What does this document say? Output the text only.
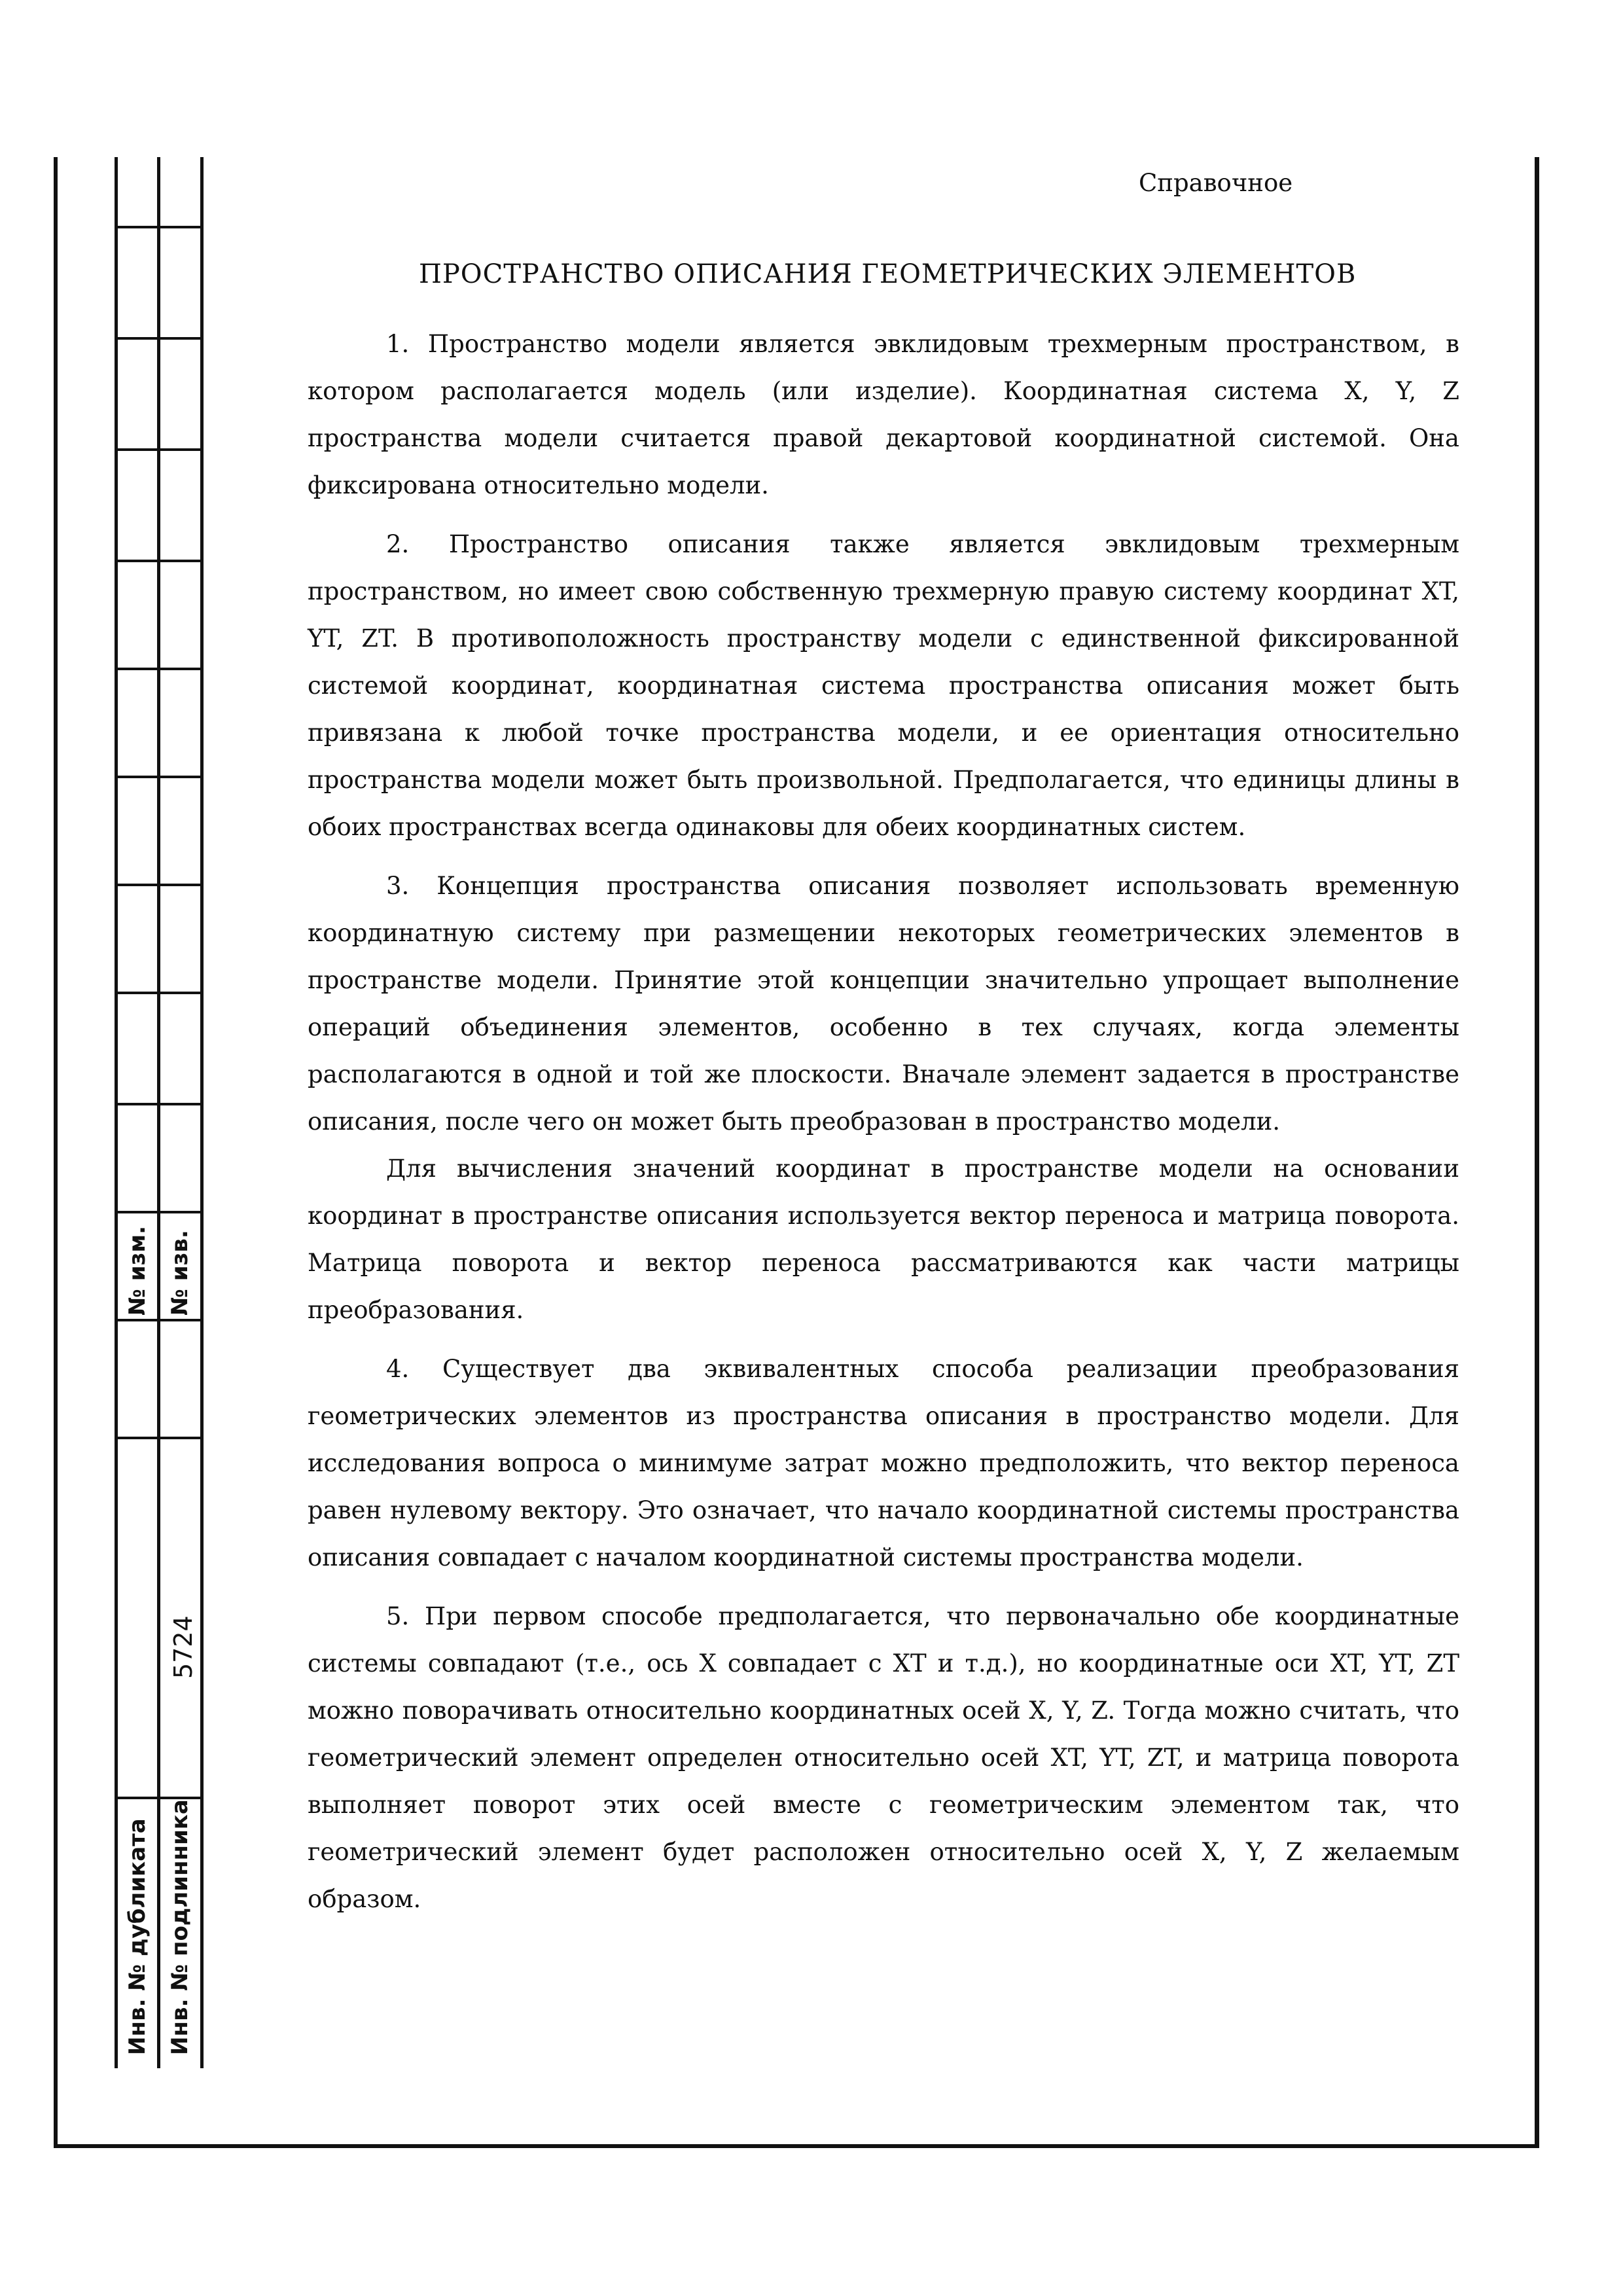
№ изм. № изв.
Инв. № дубликата Инв. № подлинника
5724
Справочное
ПРОСТРАНСТВО ОПИСАНИЯ ГЕОМЕТРИЧЕСКИХ ЭЛЕМЕНТОВ

1. Пространство модели является эвклидовым трехмерным пространством, в котором располагается модель (или изделие). Координатная система X, Y, Z пространства модели считается правой декартовой координатной системой. Она фиксирована относительно модели.

2. Пространство описания также является эвклидовым трехмерным пространством, но имеет свою собственную трехмерную правую систему координат XT, YT, ZT. В противоположность пространству модели с единственной фиксированной системой координат, координатная система пространства описания может быть привязана к любой точке пространства модели, и ее ориентация относительно пространства модели может быть произвольной. Предполагается, что единицы длины в обоих пространствах всегда одинаковы для обеих координатных систем.

3. Концепция пространства описания позволяет использовать временную координатную систему при размещении некоторых геометрических элементов в пространстве модели. Принятие этой концепции значительно упрощает выполнение операций объединения элементов, особенно в тех случаях, когда элементы располагаются в одной и той же плоскости. Вначале элемент задается в пространстве описания, после чего он может быть преобразован в пространство модели.

Для вычисления значений координат в пространстве модели на основании координат в пространстве описания используется вектор переноса и матрица поворота. Матрица поворота и вектор переноса рассматриваются как части матрицы преобразования.

4. Существует два эквивалентных способа реализации преобразования геометрических элементов из пространства описания в пространство модели. Для исследования вопроса о минимуме затрат можно предположить, что вектор переноса равен нулевому вектору. Это означает, что начало координатной системы пространства описания совпадает с началом координатной системы пространства модели.

5. При первом способе предполагается, что первоначально обе координатные системы совпадают (т.е., ось X совпадает с XT и т.д.), но координатные оси XT, YT, ZT можно поворачивать относительно координатных осей X, Y, Z. Тогда можно считать, что геометрический элемент определен относительно осей XT, YT, ZT, и матрица поворота выполняет поворот этих осей вместе с геометрическим элементом так, что геометрический элемент будет расположен относительно осей X, Y, Z желаемым образом.
